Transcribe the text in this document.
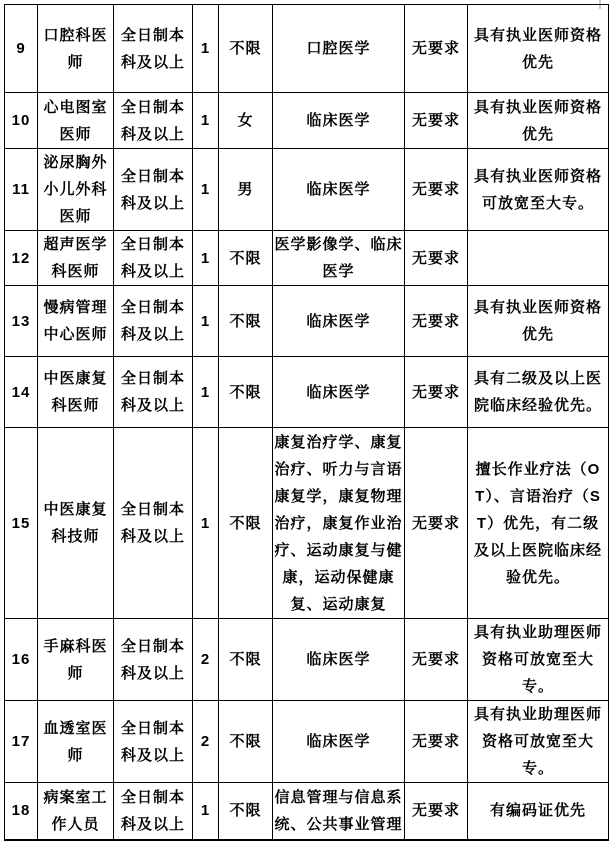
9	口腔科医师	全日制本科及以上	1	不限	口腔医学	无要求	具有执业医师资格优先
10	心电图室医师	全日制本科及以上	1	女	临床医学	无要求	具有执业医师资格优先
11	泌尿胸外小儿外科医师	全日制本科及以上	1	男	临床医学	无要求	具有执业医师资格可放宽至大专。
12	超声医学科医师	全日制本科及以上	1	不限	医学影像学、临床医学	无要求	
13	慢病管理中心医师	全日制本科及以上	1	不限	临床医学	无要求	具有执业医师资格优先
14	中医康复科医师	全日制本科及以上	1	不限	临床医学	无要求	具有二级及以上医院临床经验优先。
15	中医康复科技师	全日制本科及以上	1	不限	康复治疗学、康复治疗、听力与言语康复学，康复物理治疗，康复作业治疗、运动康复与健康，运动保健康复、运动康复	无要求	擅长作业疗法（OT）、言语治疗（ST）优先，有二级及以上医院临床经验优先。
16	手麻科医师	全日制本科及以上	2	不限	临床医学	无要求	具有执业助理医师资格可放宽至大专。
17	血透室医师	全日制本科及以上	2	不限	临床医学	无要求	具有执业助理医师资格可放宽至大专。
18	病案室工作人员	全日制本科及以上	1	不限	信息管理与信息系统、公共事业管理	无要求	有编码证优先
